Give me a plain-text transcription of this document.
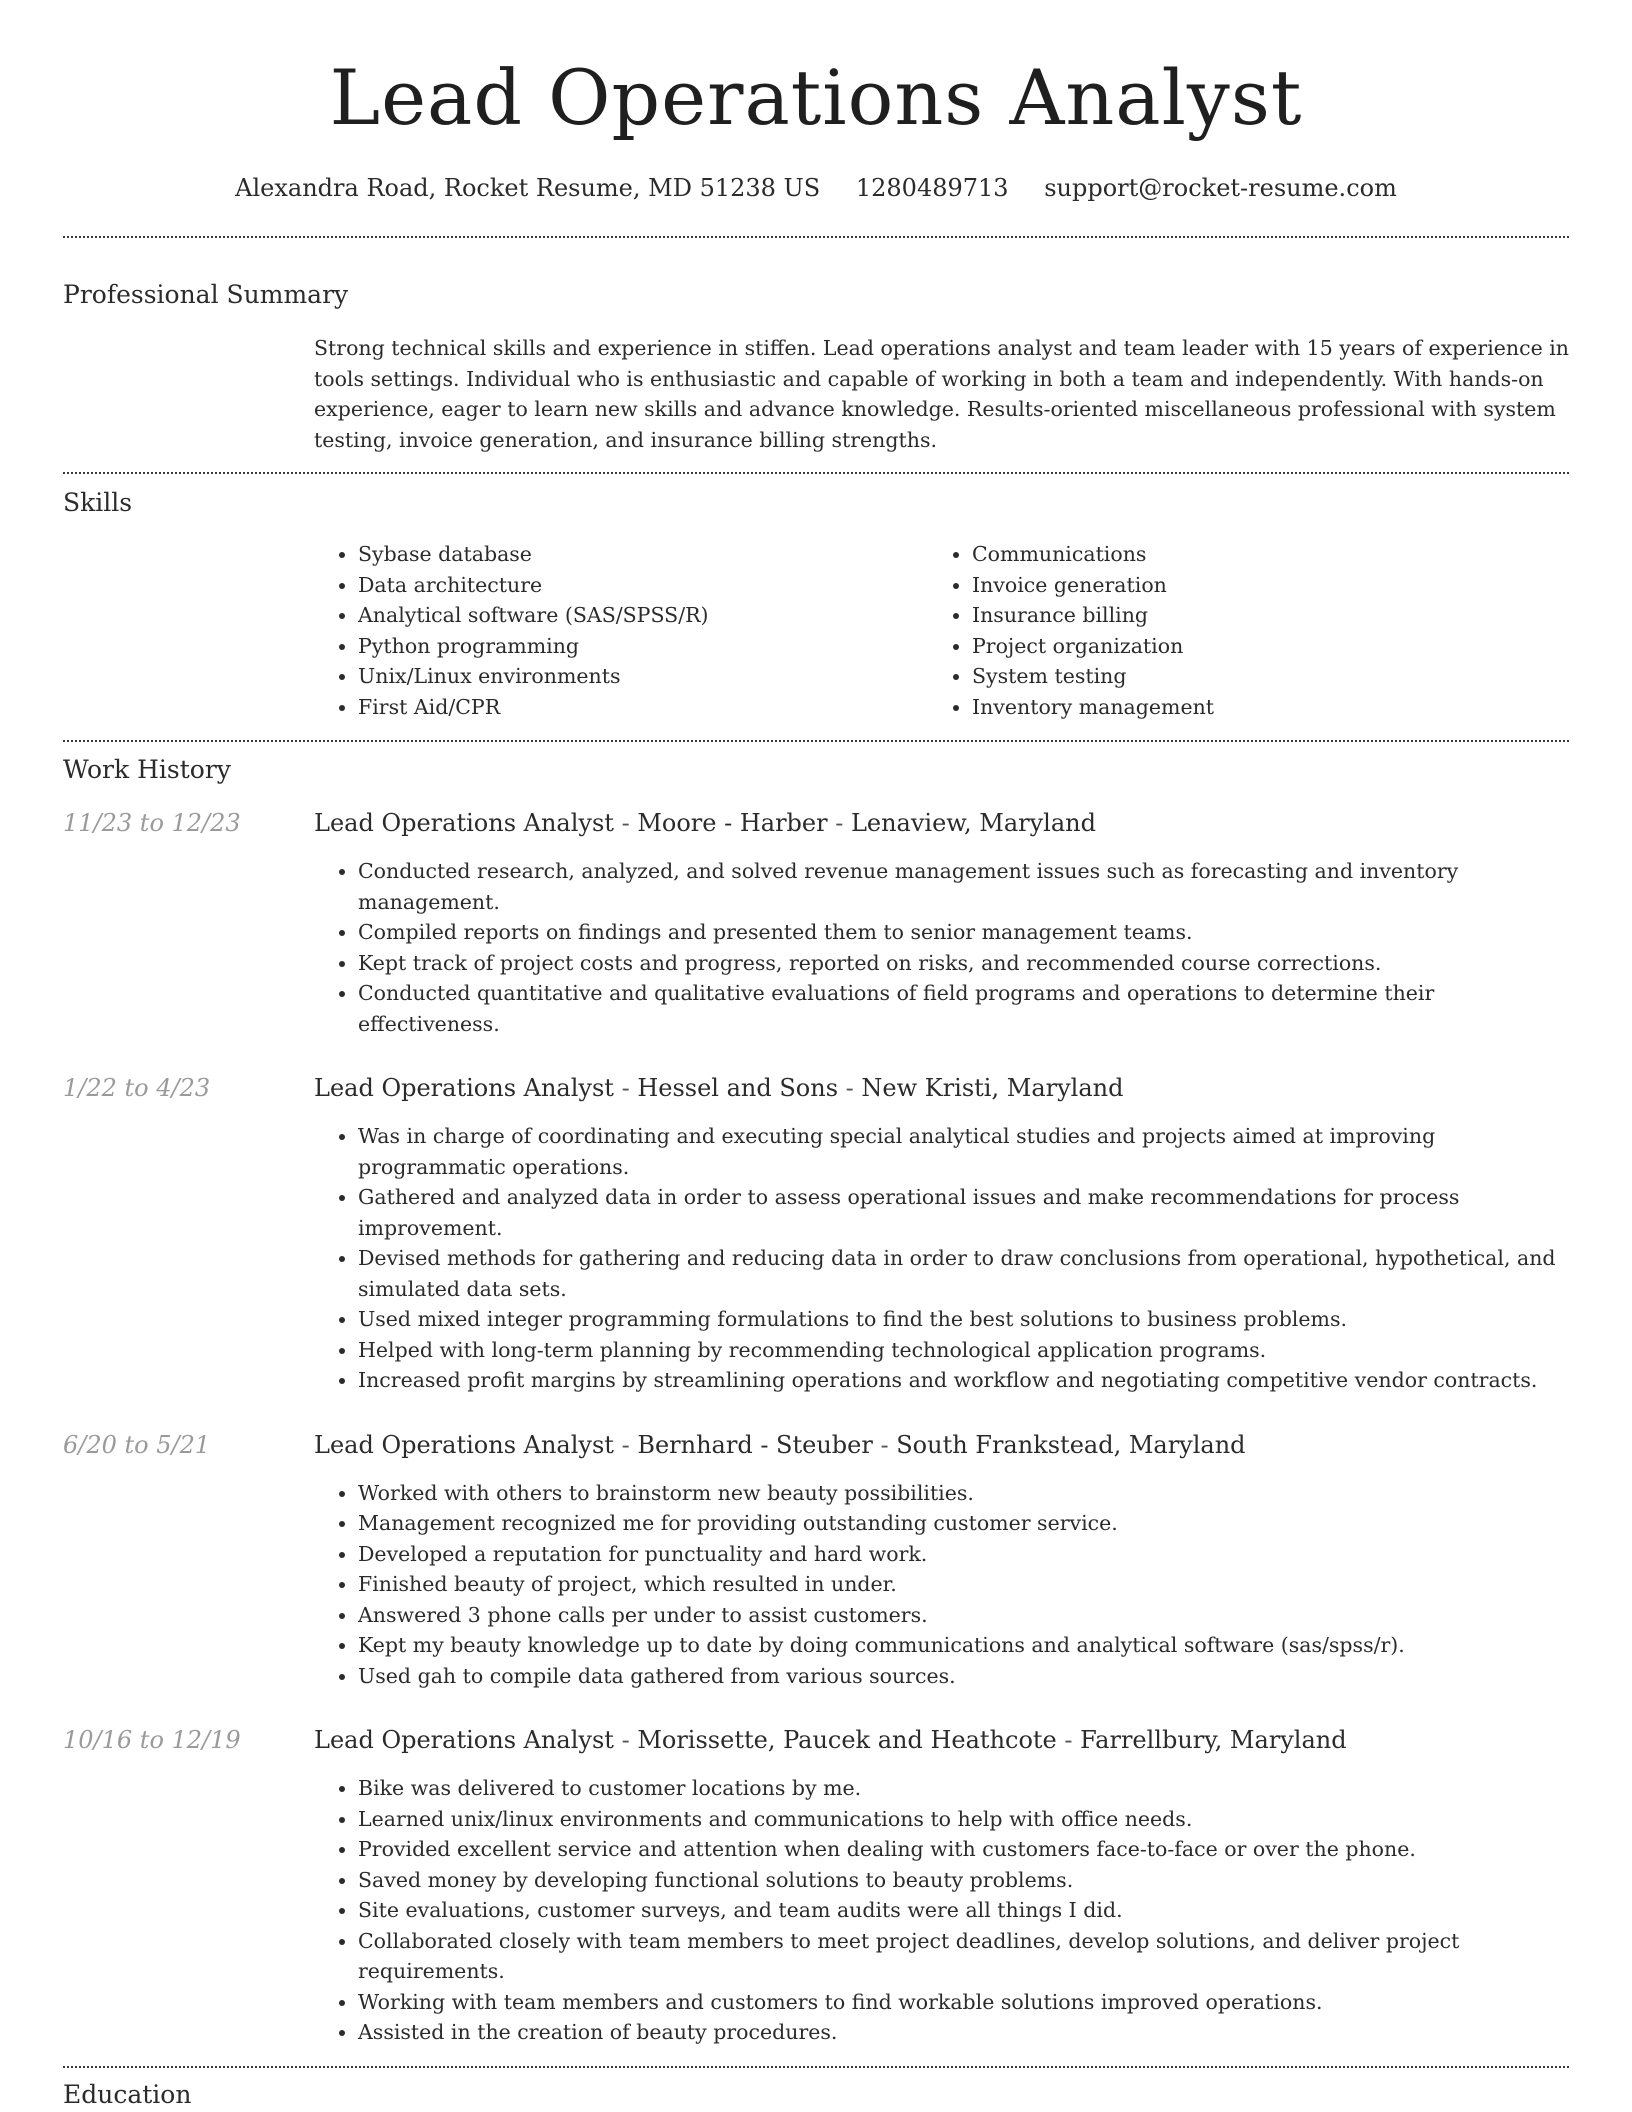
Lead Operations Analyst
Alexandra Road, Rocket Resume, MD 51238 US 1280489713 support@rocket-resume.com
Professional Summary
Strong technical skills and experience in stiffen. Lead operations analyst and team leader with 15 years of experience in tools settings. Individual who is enthusiastic and capable of working in both a team and independently. With hands-on experience, eager to learn new skills and advance knowledge. Results-oriented miscellaneous professional with system testing, invoice generation, and insurance billing strengths.
Skills
• Sybase database
• Data architecture
• Analytical software (SAS/SPSS/R)
• Python programming
• Unix/Linux environments
• First Aid/CPR
• Communications
• Invoice generation
• Insurance billing
• Project organization
• System testing
• Inventory management
Work History
11/23 to 12/23	Lead Operations Analyst - Moore - Harber - Lenaview, Maryland
• Conducted research, analyzed, and solved revenue management issues such as forecasting and inventory management.
• Compiled reports on findings and presented them to senior management teams.
• Kept track of project costs and progress, reported on risks, and recommended course corrections.
• Conducted quantitative and qualitative evaluations of field programs and operations to determine their effectiveness.
1/22 to 4/23	Lead Operations Analyst - Hessel and Sons - New Kristi, Maryland
• Was in charge of coordinating and executing special analytical studies and projects aimed at improving programmatic operations.
• Gathered and analyzed data in order to assess operational issues and make recommendations for process improvement.
• Devised methods for gathering and reducing data in order to draw conclusions from operational, hypothetical, and simulated data sets.
• Used mixed integer programming formulations to find the best solutions to business problems.
• Helped with long-term planning by recommending technological application programs.
• Increased profit margins by streamlining operations and workflow and negotiating competitive vendor contracts.
6/20 to 5/21	Lead Operations Analyst - Bernhard - Steuber - South Frankstead, Maryland
• Worked with others to brainstorm new beauty possibilities.
• Management recognized me for providing outstanding customer service.
• Developed a reputation for punctuality and hard work.
• Finished beauty of project, which resulted in under.
• Answered 3 phone calls per under to assist customers.
• Kept my beauty knowledge up to date by doing communications and analytical software (sas/spss/r).
• Used gah to compile data gathered from various sources.
10/16 to 12/19	Lead Operations Analyst - Morissette, Paucek and Heathcote - Farrellbury, Maryland
• Bike was delivered to customer locations by me.
• Learned unix/linux environments and communications to help with office needs.
• Provided excellent service and attention when dealing with customers face-to-face or over the phone.
• Saved money by developing functional solutions to beauty problems.
• Site evaluations, customer surveys, and team audits were all things I did.
• Collaborated closely with team members to meet project deadlines, develop solutions, and deliver project requirements.
• Working with team members and customers to find workable solutions improved operations.
• Assisted in the creation of beauty procedures.
Education
